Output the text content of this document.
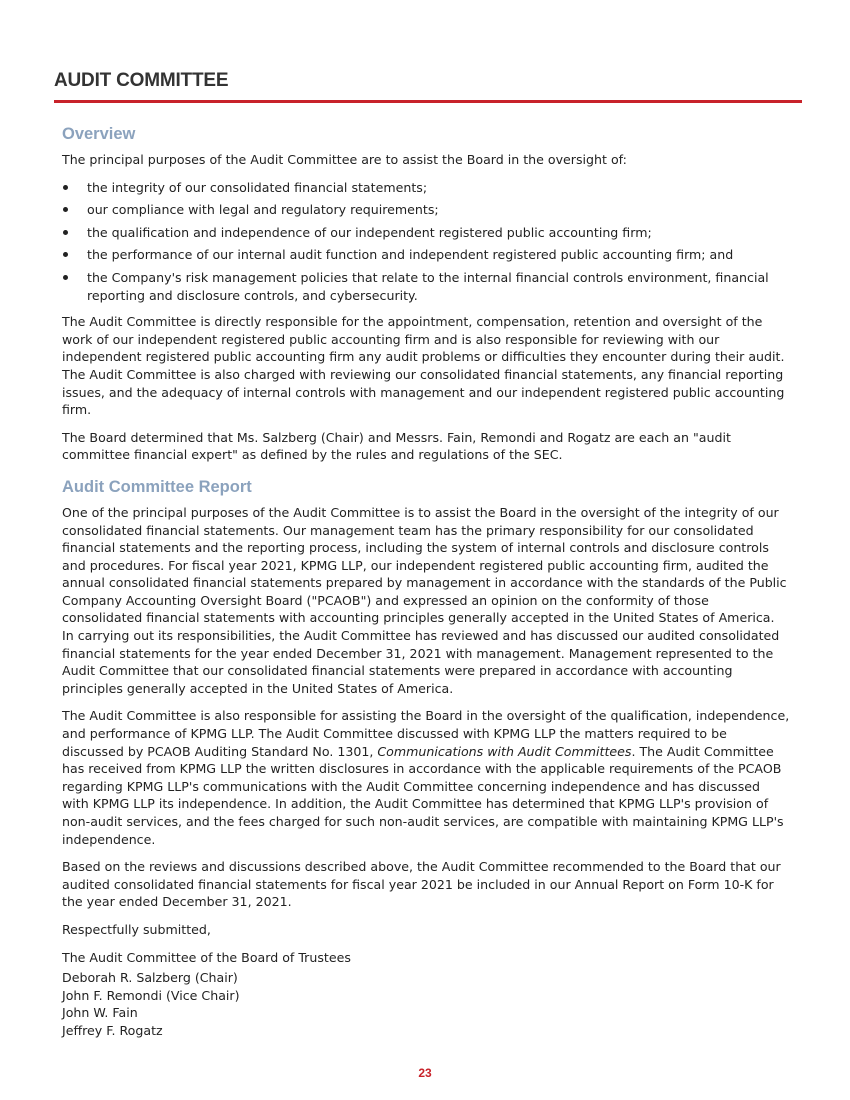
AUDIT COMMITTEE
Overview

The principal purposes of the Audit Committee are to assist the Board in the oversight of:

the integrity of our consolidated financial statements;
our compliance with legal and regulatory requirements;
the qualification and independence of our independent registered public accounting firm;
the performance of our internal audit function and independent registered public accounting firm; and
the Company's risk management policies that relate to the internal financial controls environment, financial reporting and disclosure controls, and cybersecurity.

The Audit Committee is directly responsible for the appointment, compensation, retention and oversight of the work of our independent registered public accounting firm and is also responsible for reviewing with our independent registered public accounting firm any audit problems or difficulties they encounter during their audit. The Audit Committee is also charged with reviewing our consolidated financial statements, any financial reporting issues, and the adequacy of internal controls with management and our independent registered public accounting firm.

The Board determined that Ms. Salzberg (Chair) and Messrs. Fain, Remondi and Rogatz are each an "audit committee financial expert" as defined by the rules and regulations of the SEC.

Audit Committee Report

One of the principal purposes of the Audit Committee is to assist the Board in the oversight of the integrity of our consolidated financial statements. Our management team has the primary responsibility for our consolidated financial statements and the reporting process, including the system of internal controls and disclosure controls and procedures. For fiscal year 2021, KPMG LLP, our independent registered public accounting firm, audited the annual consolidated financial statements prepared by management in accordance with the standards of the Public Company Accounting Oversight Board ("PCAOB") and expressed an opinion on the conformity of those consolidated financial statements with accounting principles generally accepted in the United States of America. In carrying out its responsibilities, the Audit Committee has reviewed and has discussed our audited consolidated financial statements for the year ended December 31, 2021 with management. Management represented to the Audit Committee that our consolidated financial statements were prepared in accordance with accounting principles generally accepted in the United States of America.

The Audit Committee is also responsible for assisting the Board in the oversight of the qualification, independence, and performance of KPMG LLP. The Audit Committee discussed with KPMG LLP the matters required to be discussed by PCAOB Auditing Standard No. 1301, Communications with Audit Committees. The Audit Committee has received from KPMG LLP the written disclosures in accordance with the applicable requirements of the PCAOB regarding KPMG LLP's communications with the Audit Committee concerning independence and has discussed with KPMG LLP its independence. In addition, the Audit Committee has determined that KPMG LLP's provision of non-audit services, and the fees charged for such non-audit services, are compatible with maintaining KPMG LLP's independence.

Based on the reviews and discussions described above, the Audit Committee recommended to the Board that our audited consolidated financial statements for fiscal year 2021 be included in our Annual Report on Form 10-K for the year ended December 31, 2021.

Respectfully submitted,

The Audit Committee of the Board of Trustees

Deborah R. Salzberg (Chair)

John F. Remondi (Vice Chair)

John W. Fain

Jeffrey F. Rogatz

23
